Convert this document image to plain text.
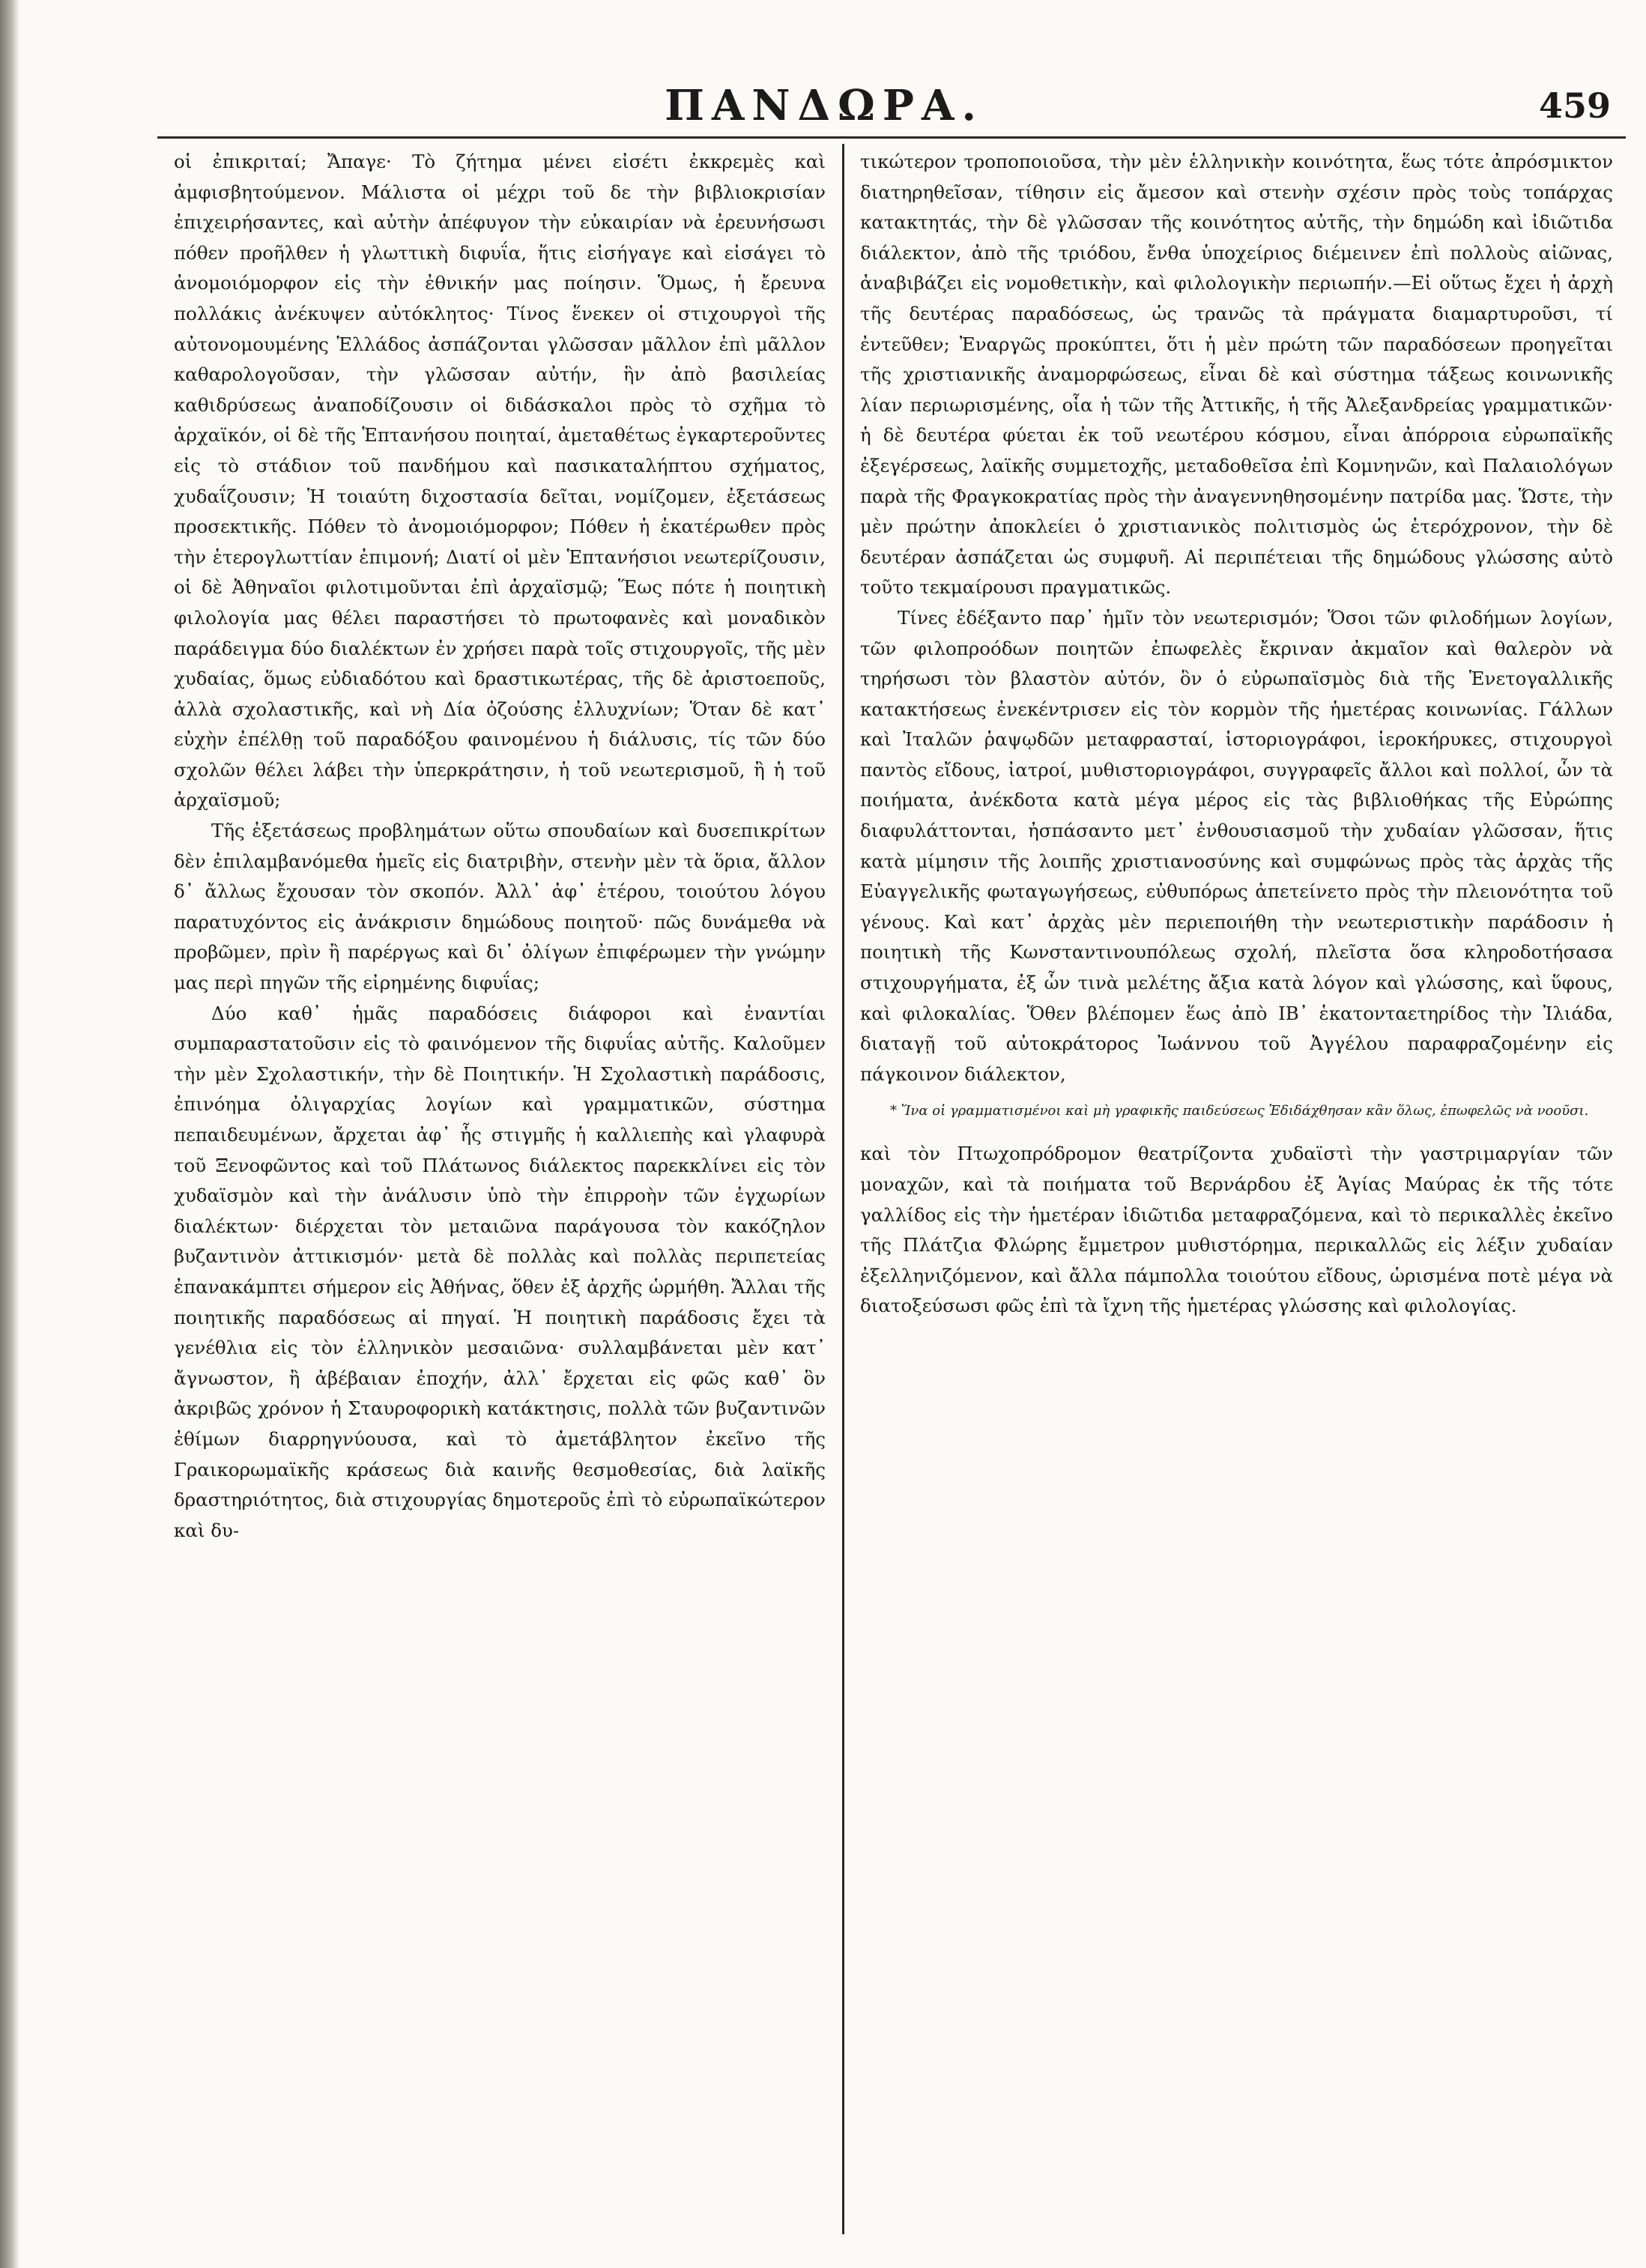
ΠΑΝΔΩΡΑ.	459

οἱ ἐπικριταί; Ἄπαγε· Τὸ ζήτημα μένει εἰσέτι ἐκκρεμὲς καὶ ἀμφισβητούμενον. Μάλιστα οἱ μέχρι τοῦ δε τὴν βιβλιοκρισίαν ἐπιχειρήσαντες, καὶ αὐτὴν ἀπέφυγον τὴν εὐκαιρίαν νὰ ἐρευνήσωσι πόθεν προῆλθεν ἡ γλωττικὴ διφυΐα, ἥτις εἰσήγαγε καὶ εἰσάγει τὸ ἀνομοιόμορφον εἰς τὴν ἐθνικήν μας ποίησιν. Ὅμως, ἡ ἔρευνα πολλάκις ἀνέκυψεν αὐτόκλητος· Τίνος ἕνεκεν οἱ στιχουργοὶ τῆς αὐτονομουμένης Ἑλλάδος ἀσπάζονται γλῶσσαν μᾶλλον ἐπὶ μᾶλλον καθαρολογοῦσαν, τὴν γλῶσσαν αὐτήν, ἣν ἀπὸ βασιλείας καθιδρύσεως ἀναποδίζουσιν οἱ διδάσκαλοι πρὸς τὸ σχῆμα τὸ ἀρχαϊκόν, οἱ δὲ τῆς Ἑπτανήσου ποιηταί, ἀμεταθέτως ἐγκαρτεροῦντες εἰς τὸ στάδιον τοῦ πανδήμου καὶ πασικαταλήπτου σχήματος, χυδαΐζουσιν; Ἡ τοιαύτη διχοστασία δεῖται, νομίζομεν, ἐξετάσεως προσεκτικῆς. Πόθεν τὸ ἀνομοιόμορφον; Πόθεν ἡ ἑκατέρωθεν πρὸς τὴν ἑτερογλωττίαν ἐπιμονή; Διατί οἱ μὲν Ἑπτανήσιοι νεωτερίζουσιν, οἱ δὲ Ἀθηναῖοι φιλοτιμοῦνται ἐπὶ ἀρχαϊσμῷ; Ἕως πότε ἡ ποιητικὴ φιλολογία μας θέλει παραστήσει τὸ πρωτοφανὲς καὶ μοναδικὸν παράδειγμα δύο διαλέκτων ἐν χρήσει παρὰ τοῖς στιχουργοῖς, τῆς μὲν χυδαίας, ὅμως εὐδιαδότου καὶ δραστικωτέρας, τῆς δὲ ἀριστοεποῦς, ἀλλὰ σχολαστικῆς, καὶ νὴ Δία ὀζούσης ἐλλυχνίων; Ὅταν δὲ κατ᾽ εὐχὴν ἐπέλθῃ τοῦ παραδόξου φαινομένου ἡ διάλυσις, τίς τῶν δύο σχολῶν θέλει λάβει τὴν ὑπερκράτησιν, ἡ τοῦ νεωτερισμοῦ, ἢ ἡ τοῦ ἀρχαϊσμοῦ;

Τῆς ἐξετάσεως προβλημάτων οὕτω σπουδαίων καὶ δυσεπικρίτων δὲν ἐπιλαμβανόμεθα ἡμεῖς εἰς διατριβὴν, στενὴν μὲν τὰ ὅρια, ἄλλον δ᾽ ἄλλως ἔχουσαν τὸν σκοπόν. Ἀλλ᾽ ἀφ᾽ ἑτέρου, τοιούτου λόγου παρατυχόντος εἰς ἀνάκρισιν δημώδους ποιητοῦ· πῶς δυνάμεθα νὰ προβῶμεν, πρὶν ἢ παρέργως καὶ δι᾽ ὀλίγων ἐπιφέρωμεν τὴν γνώμην μας περὶ πηγῶν τῆς εἰρημένης διφυΐας;

Δύο καθ᾽ ἡμᾶς παραδόσεις διάφοροι καὶ ἐναντίαι συμπαραστατοῦσιν εἰς τὸ φαινόμενον τῆς διφυΐας αὐτῆς. Καλοῦμεν τὴν μὲν Σχολαστικήν, τὴν δὲ Ποιητικήν. Ἡ Σχολαστικὴ παράδοσις, ἐπινόημα ὀλιγαρχίας λογίων καὶ γραμματικῶν, σύστημα πεπαιδευμένων, ἄρχεται ἀφ᾽ ἧς στιγμῆς ἡ καλλιεπὴς καὶ γλαφυρὰ τοῦ Ξενοφῶντος καὶ τοῦ Πλάτωνος διάλεκτος παρεκκλίνει εἰς τὸν χυδαϊσμὸν καὶ τὴν ἀνάλυσιν ὑπὸ τὴν ἐπιρροὴν τῶν ἐγχωρίων διαλέκτων· διέρχεται τὸν μεταιῶνα παράγουσα τὸν κακόζηλον βυζαντινὸν ἀττικισμόν· μετὰ δὲ πολλὰς καὶ πολλὰς περιπετείας ἐπανακάμπτει σήμερον εἰς Ἀθήνας, ὅθεν ἐξ ἀρχῆς ὡρμήθη. Ἄλλαι τῆς ποιητικῆς παραδόσεως αἱ πηγαί. Ἡ ποιητικὴ παράδοσις ἔχει τὰ γενέθλια εἰς τὸν ἑλληνικὸν μεσαιῶνα· συλλαμβάνεται μὲν κατ᾽ ἄγνωστον, ἢ ἀβέβαιαν ἐποχήν, ἀλλ᾽ ἔρχεται εἰς φῶς καθ᾽ ὃν ἀκριβῶς χρόνον ἡ Σταυροφορικὴ κατάκτησις, πολλὰ τῶν βυζαντινῶν ἐθίμων διαρρηγνύουσα, καὶ τὸ ἀμετάβλητον ἐκεῖνο τῆς Γραικορωμαϊκῆς κράσεως διὰ καινῆς θεσμοθεσίας, διὰ λαϊκῆς δραστηριότητος, διὰ στιχουργίας δημοτεροῦς ἐπὶ τὸ εὐρωπαϊκώτερον καὶ δυ-

τικώτερον τροποποιοῦσα, τὴν μὲν ἑλληνικὴν κοινότητα, ἕως τότε ἀπρόσμικτον διατηρηθεῖσαν, τίθησιν εἰς ἄμεσον καὶ στενὴν σχέσιν πρὸς τοὺς τοπάρχας κατακτητάς, τὴν δὲ γλῶσσαν τῆς κοινότητος αὐτῆς, τὴν δημώδη καὶ ἰδιῶτιδα διάλεκτον, ἀπὸ τῆς τριόδου, ἔνθα ὑποχείριος διέμεινεν ἐπὶ πολλοὺς αἰῶνας, ἀναβιβάζει εἰς νομοθετικὴν, καὶ φιλολογικὴν περιωπήν.—Εἰ οὕτως ἔχει ἡ ἀρχὴ τῆς δευτέρας παραδόσεως, ὡς τρανῶς τὰ πράγματα διαμαρτυροῦσι, τί ἐντεῦθεν; Ἐναργῶς προκύπτει, ὅτι ἡ μὲν πρώτη τῶν παραδόσεων προηγεῖται τῆς χριστιανικῆς ἀναμορφώσεως, εἶναι δὲ καὶ σύστημα τάξεως κοινωνικῆς λίαν περιωρισμένης, οἷα ἡ τῶν τῆς Ἀττικῆς, ἡ τῆς Ἀλεξανδρείας γραμματικῶν· ἡ δὲ δευτέρα φύεται ἐκ τοῦ νεωτέρου κόσμου, εἶναι ἀπόρροια εὐρωπαϊκῆς ἐξεγέρσεως, λαϊκῆς συμμετοχῆς, μεταδοθεῖσα ἐπὶ Κομνηνῶν, καὶ Παλαιολόγων παρὰ τῆς Φραγκοκρατίας πρὸς τὴν ἀναγεννηθησομένην πατρίδα μας. Ὥστε, τὴν μὲν πρώτην ἀποκλείει ὁ χριστιανικὸς πολιτισμὸς ὡς ἑτερόχρονον, τὴν δὲ δευτέραν ἀσπάζεται ὡς συμφυῆ. Αἱ περιπέτειαι τῆς δημώδους γλώσσης αὐτὸ τοῦτο τεκμαίρουσι πραγματικῶς.

Τίνες ἐδέξαντο παρ᾽ ἡμῖν τὸν νεωτερισμόν; Ὅσοι τῶν φιλοδήμων λογίων, τῶν φιλοπροόδων ποιητῶν ἐπωφελὲς ἔκριναν ἀκμαῖον καὶ θαλερὸν νὰ τηρήσωσι τὸν βλαστὸν αὐτόν, ὃν ὁ εὐρωπαϊσμὸς διὰ τῆς Ἑνετογαλλικῆς κατακτήσεως ἐνεκέντρισεν εἰς τὸν κορμὸν τῆς ἡμετέρας κοινωνίας. Γάλλων καὶ Ἰταλῶν ῥαψῳδῶν μεταφρασταί, ἱστοριογράφοι, ἱεροκήρυκες, στιχουργοὶ παντὸς εἴδους, ἰατροί, μυθιστοριογράφοι, συγγραφεῖς ἄλλοι καὶ πολλοί, ὧν τὰ ποιήματα, ἀνέκδοτα κατὰ μέγα μέρος εἰς τὰς βιβλιοθήκας τῆς Εὐρώπης διαφυλάττονται, ἠσπάσαντο μετ᾽ ἐνθουσιασμοῦ τὴν χυδαίαν γλῶσσαν, ἥτις κατὰ μίμησιν τῆς λοιπῆς χριστιανοσύνης καὶ συμφώνως πρὸς τὰς ἀρχὰς τῆς Εὐαγγελικῆς φωταγωγήσεως, εὐθυπόρως ἀπετείνετο πρὸς τὴν πλειονότητα τοῦ γένους. Καὶ κατ᾽ ἀρχὰς μὲν περιεποιήθη τὴν νεωτεριστικὴν παράδοσιν ἡ ποιητικὴ τῆς Κωνσταντινουπόλεως σχολή, πλεῖστα ὅσα κληροδοτήσασα στιχουργήματα, ἐξ ὧν τινὰ μελέτης ἄξια κατὰ λόγον καὶ γλώσσης, καὶ ὕφους, καὶ φιλοκαλίας. Ὅθεν βλέπομεν ἕως ἀπὸ ΙΒ᾽ ἑκατονταετηρίδος τὴν Ἰλιάδα, διαταγῇ τοῦ αὐτοκράτορος Ἰωάννου τοῦ Ἀγγέλου παραφραζομένην εἰς πάγκοινον διάλεκτον,

* Ἵνα οἱ γραμματισμένοι καὶ μὴ γραφικῆς παιδεύσεως Ἐδιδάχθησαν κἂν ὅλως, ἐπωφελῶς νὰ νοοῦσι.

καὶ τὸν Πτωχοπρόδρομον θεατρίζοντα χυδαϊστὶ τὴν γαστριμαργίαν τῶν μοναχῶν, καὶ τὰ ποιήματα τοῦ Βερνάρδου ἐξ Ἁγίας Μαύρας ἐκ τῆς τότε γαλλίδος εἰς τὴν ἡμετέραν ἰδιῶτιδα μεταφραζόμενα, καὶ τὸ περικαλλὲς ἐκεῖνο τῆς Πλάτζια Φλώρης ἔμμετρον μυθιστόρημα, περικαλλῶς εἰς λέξιν χυδαίαν ἐξελληνιζόμενον, καὶ ἄλλα πάμπολλα τοιούτου εἴδους, ὡρισμένα ποτὲ μέγα νὰ διατοξεύσωσι φῶς ἐπὶ τὰ ἴχνη τῆς ἡμετέρας γλώσσης καὶ φιλολογίας.
